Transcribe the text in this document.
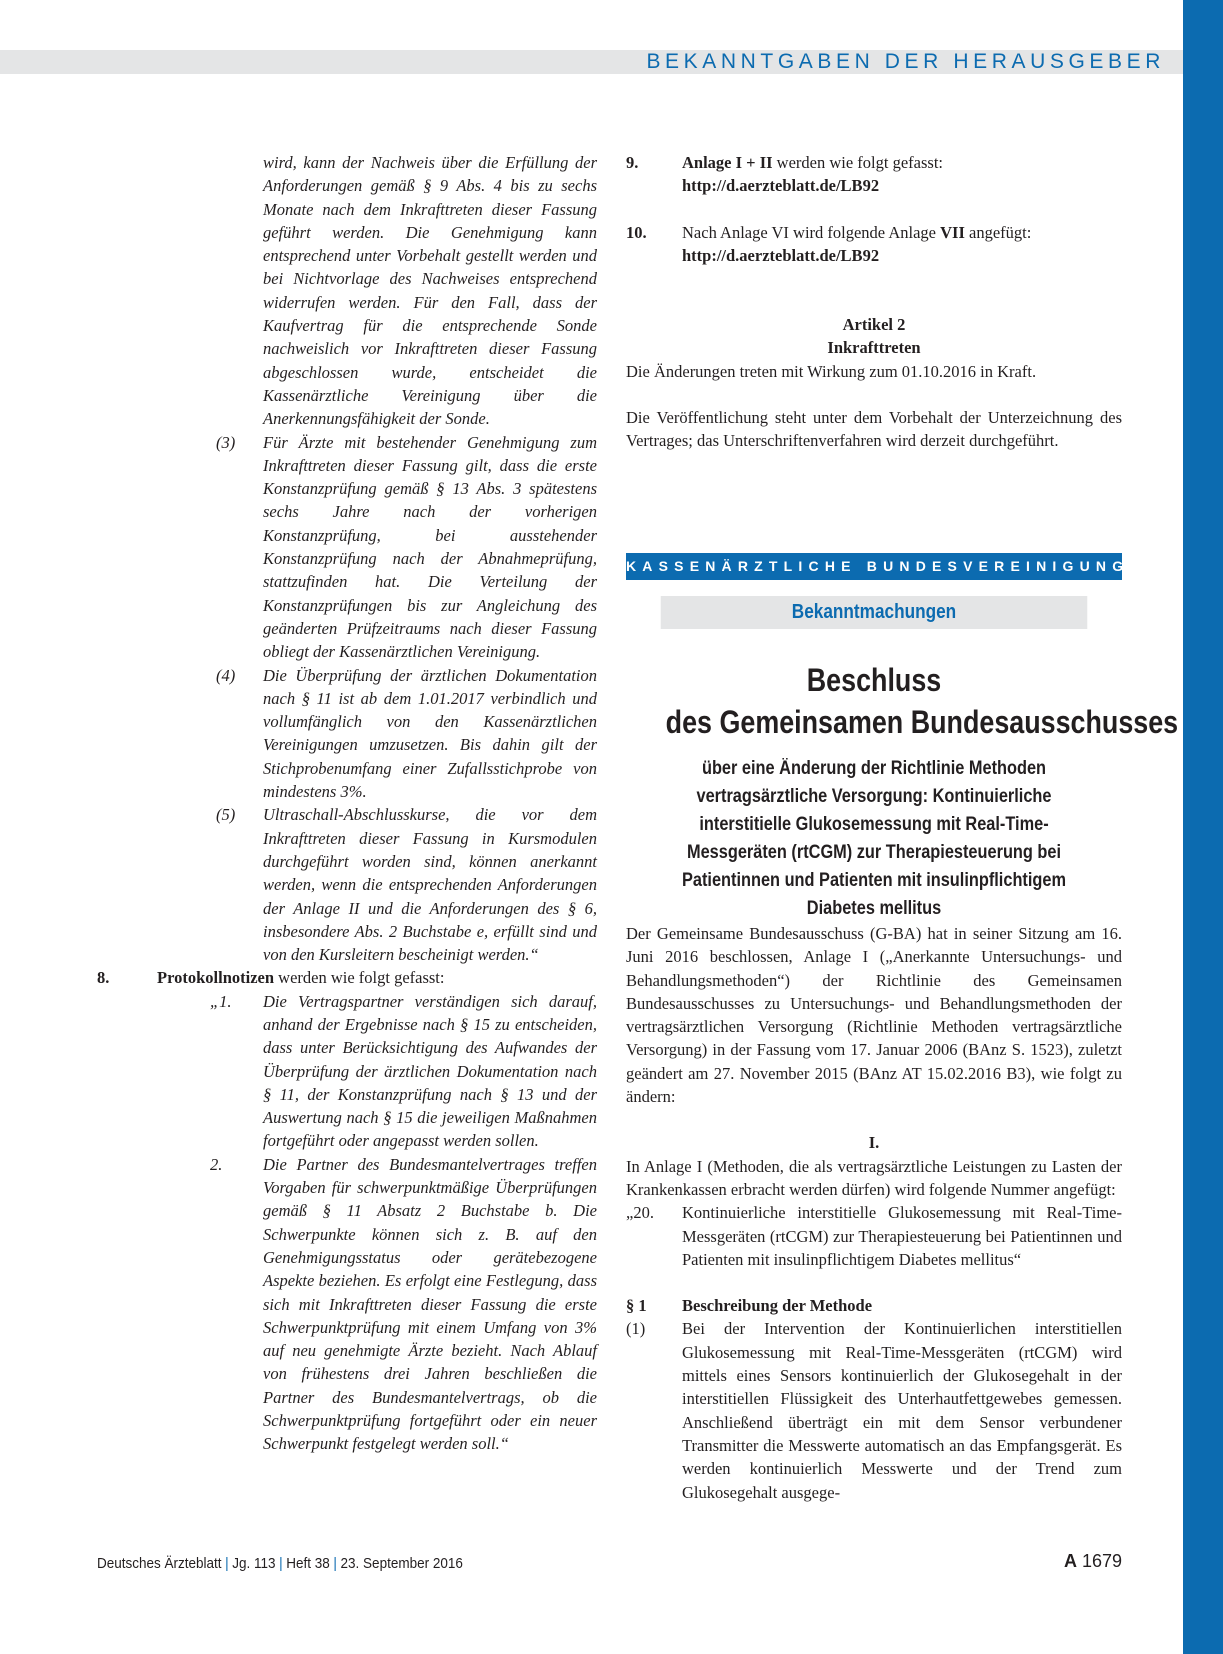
BEKANNTGABEN DER HERAUSGEBER
wird, kann der Nachweis über die Erfüllung der Anforderungen gemäß § 9 Abs. 4 bis zu sechs Monate nach dem Inkrafttreten dieser Fassung geführt werden. Die Genehmigung kann entsprechend unter Vorbehalt gestellt werden und bei Nichtvorlage des Nachweises entsprechend widerrufen werden. Für den Fall, dass der Kaufvertrag für die entsprechende Sonde nachweislich vor Inkrafttreten dieser Fassung abgeschlossen wurde, entscheidet die Kassenärztliche Vereinigung über die Anerkennungsfähigkeit der Sonde.
(3) Für Ärzte mit bestehender Genehmigung zum Inkrafttreten dieser Fassung gilt, dass die erste Konstanzprüfung gemäß § 13 Abs. 3 spätestens sechs Jahre nach der vorherigen Konstanzprüfung, bei ausstehender Konstanzprüfung nach der Abnahmeprüfung, stattzufinden hat. Die Verteilung der Konstanzprüfungen bis zur Angleichung des geänderten Prüfzeitraums nach dieser Fassung obliegt der Kassenärztlichen Vereinigung.
(4) Die Überprüfung der ärztlichen Dokumentation nach § 11 ist ab dem 1.01.2017 verbindlich und vollumfänglich von den Kassenärztlichen Vereinigungen umzusetzen. Bis dahin gilt der Stichprobenumfang einer Zufallsstichprobe von mindestens 3%.
(5) Ultraschall-Abschlusskurse, die vor dem Inkrafttreten dieser Fassung in Kursmodulen durchgeführt worden sind, können anerkannt werden, wenn die entsprechenden Anforderungen der Anlage II und die Anforderungen des § 6, insbesondere Abs. 2 Buchstabe e, erfüllt sind und von den Kursleitern bescheinigt werden.“
8.	Protokollnotizen werden wie folgt gefasst:
„1. Die Vertragspartner verständigen sich darauf, anhand der Ergebnisse nach § 15 zu entscheiden, dass unter Berücksichtigung des Aufwandes der Überprüfung der ärztlichen Dokumentation nach § 11, der Konstanzprüfung nach § 13 und der Auswertung nach § 15 die jeweiligen Maßnahmen fortgeführt oder angepasst werden sollen.
2. Die Partner des Bundesmantelvertrages treffen Vorgaben für schwerpunktmäßige Überprüfungen gemäß § 11 Absatz 2 Buchstabe b. Die Schwerpunkte können sich z. B. auf den Genehmigungsstatus oder gerätebezogene Aspekte beziehen. Es erfolgt eine Festlegung, dass sich mit Inkrafttreten dieser Fassung die erste Schwerpunktprüfung mit einem Umfang von 3% auf neu genehmigte Ärzte bezieht. Nach Ablauf von frühestens drei Jahren beschließen die Partner des Bundesmantelvertrags, ob die Schwerpunktprüfung fortgeführt oder ein neuer Schwerpunkt festgelegt werden soll.“
9.	Anlage I + II werden wie folgt gefasst:
http://d.aerzteblatt.de/LB92
10. Nach Anlage VI wird folgende Anlage VII angefügt:
http://d.aerzteblatt.de/LB92
Artikel 2
Inkrafttreten
Die Änderungen treten mit Wirkung zum 01.10.2016 in Kraft.
Die Veröffentlichung steht unter dem Vorbehalt der Unterzeichnung des Vertrages; das Unterschriftenverfahren wird derzeit durchgeführt.
KASSENÄRZTLICHE BUNDESVEREINIGUNG
Bekanntmachungen
Beschluss
des Gemeinsamen Bundesausschusses
über eine Änderung der Richtlinie Methoden vertragsärztliche Versorgung: Kontinuierliche interstitielle Glukosemessung mit Real-Time-Messgeräten (rtCGM) zur Therapiesteuerung bei Patientinnen und Patienten mit insulinpflichtigem Diabetes mellitus
Der Gemeinsame Bundesausschuss (G-BA) hat in seiner Sitzung am 16. Juni 2016 beschlossen, Anlage I („Anerkannte Untersuchungs- und Behandlungsmethoden“) der Richtlinie des Gemeinsamen Bundesausschusses zu Untersuchungs- und Behandlungsmethoden der vertragsärztlichen Versorgung (Richtlinie Methoden vertragsärztliche Versorgung) in der Fassung vom 17. Januar 2006 (BAnz S. 1523), zuletzt geändert am 27. November 2015 (BAnz AT 15.02.2016 B3), wie folgt zu ändern:
I.
In Anlage I (Methoden, die als vertragsärztliche Leistungen zu Lasten der Krankenkassen erbracht werden dürfen) wird folgende Nummer angefügt:
„20. Kontinuierliche interstitielle Glukosemessung mit Real-Time-Messgeräten (rtCGM) zur Therapiesteuerung bei Patientinnen und Patienten mit insulinpflichtigem Diabetes mellitus“
§ 1 Beschreibung der Methode
(1) Bei der Intervention der Kontinuierlichen interstitiellen Glukosemessung mit Real-Time-Messgeräten (rtCGM) wird mittels eines Sensors kontinuierlich der Glukosegehalt in der interstitiellen Flüssigkeit des Unterhautfettgewebes gemessen. Anschließend überträgt ein mit dem Sensor verbundener Transmitter die Messwerte automatisch an das Empfangsgerät. Es werden kontinuierlich Messwerte und der Trend zum Glukosegehalt ausgege-
Deutsches Ärzteblatt | Jg. 113 | Heft 38 | 23. September 2016	A 1679
